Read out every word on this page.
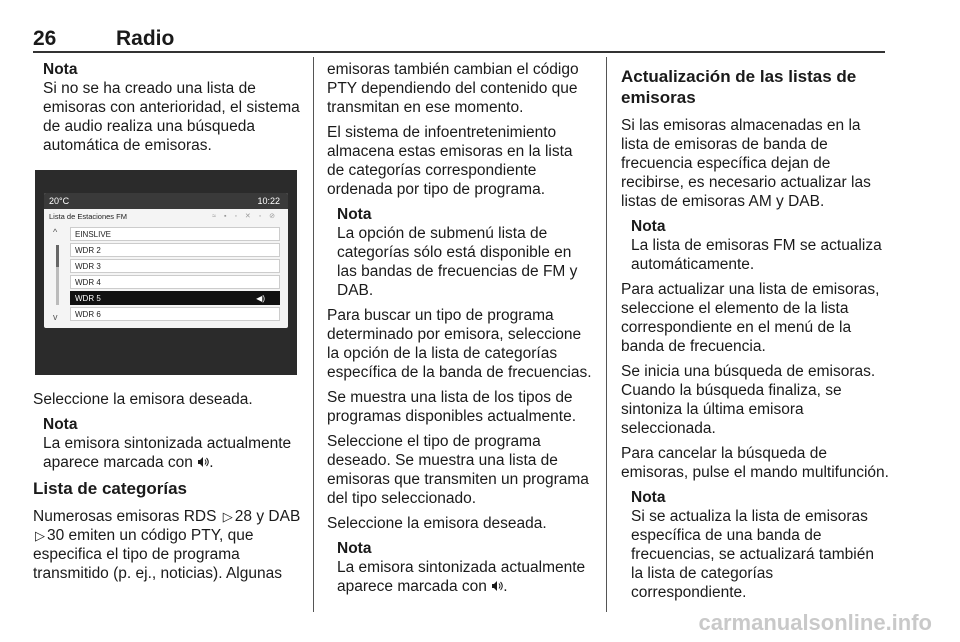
26	Radio
Nota
Si no se ha creado una lista de emisoras con anterioridad, el sistema de audio realiza una búsqueda automática de emisoras.
20°C	10:22
Lista de Estaciones FM	≈ ▪ ◦ ✕ ◦ ⊘
^
v
EINSLIVE
WDR 2
WDR 3
WDR 4
WDR 5	◀)
WDR 6

Seleccione la emisora deseada.

Nota
La emisora sintonizada actualmente aparece marcada con .
Lista de categorías

Numerosas emisoras RDS ▷ 28 y DAB ▷ 30 emiten un código PTY, que especifica el tipo de programa transmitido (p. ej., noticias). Algunas

emisoras también cambian el código PTY dependiendo del contenido que transmitan en ese momento.

El sistema de infoentretenimiento almacena estas emisoras en la lista de categorías correspondiente ordenada por tipo de programa.

Nota
La opción de submenú lista de categorías sólo está disponible en las bandas de frecuencias de FM y DAB.

Para buscar un tipo de programa determinado por emisora, seleccione la opción de la lista de categorías específica de la banda de frecuencias.

Se muestra una lista de los tipos de programas disponibles actualmente.

Seleccione el tipo de programa deseado. Se muestra una lista de emisoras que transmiten un programa del tipo seleccionado.

Seleccione la emisora deseada.

Nota
La emisora sintonizada actualmente aparece marcada con .
Actualización de las listas de emisoras

Si las emisoras almacenadas en la lista de emisoras de banda de frecuencia específica dejan de recibirse, es necesario actualizar las listas de emisoras AM y DAB.

Nota
La lista de emisoras FM se actualiza automáticamente.

Para actualizar una lista de emisoras, seleccione el elemento de la lista correspondiente en el menú de la banda de frecuencia.

Se inicia una búsqueda de emisoras. Cuando la búsqueda finaliza, se sintoniza la última emisora seleccionada.

Para cancelar la búsqueda de emisoras, pulse el mando multifunción.

Nota
Si se actualiza la lista de emisoras específica de una banda de frecuencias, se actualizará también la lista de categorías correspondiente.
carmanualsonline.info
